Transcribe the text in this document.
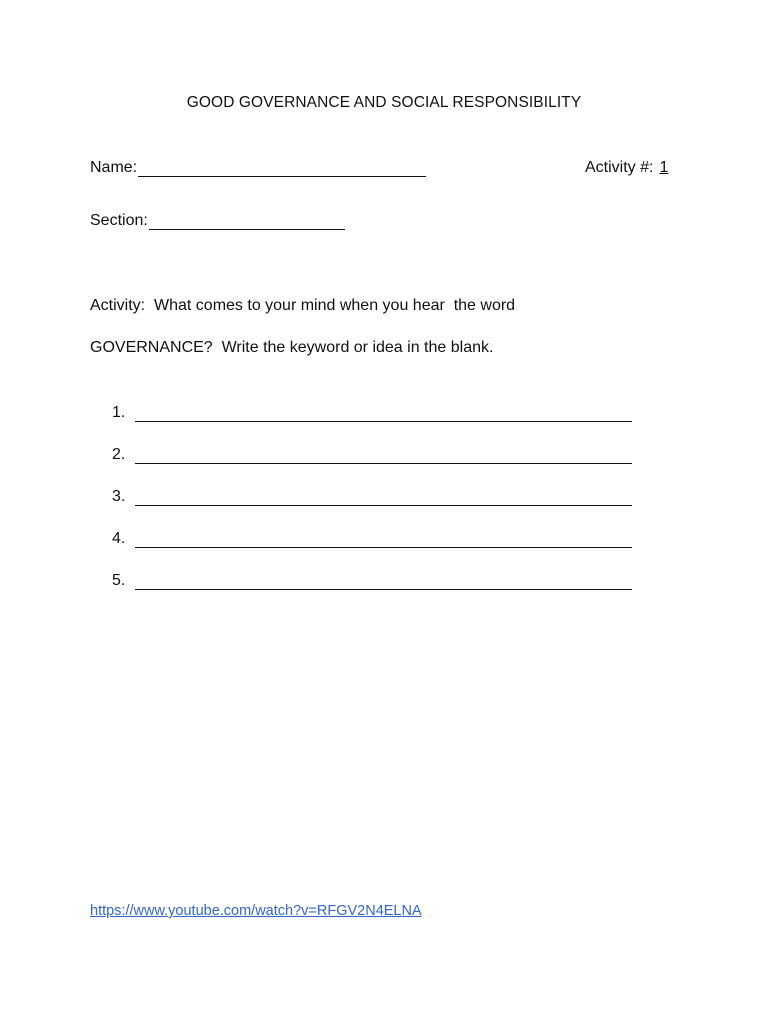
GOOD GOVERNANCE AND SOCIAL RESPONSIBILITY
Name:	Activity #: 1
Section:
Activity:  What comes to your mind when you hear  the word
GOVERNANCE?  Write the keyword or idea in the blank.
1.
2.
3.
4.
5.
https://www.youtube.com/watch?v=RFGV2N4ELNA
